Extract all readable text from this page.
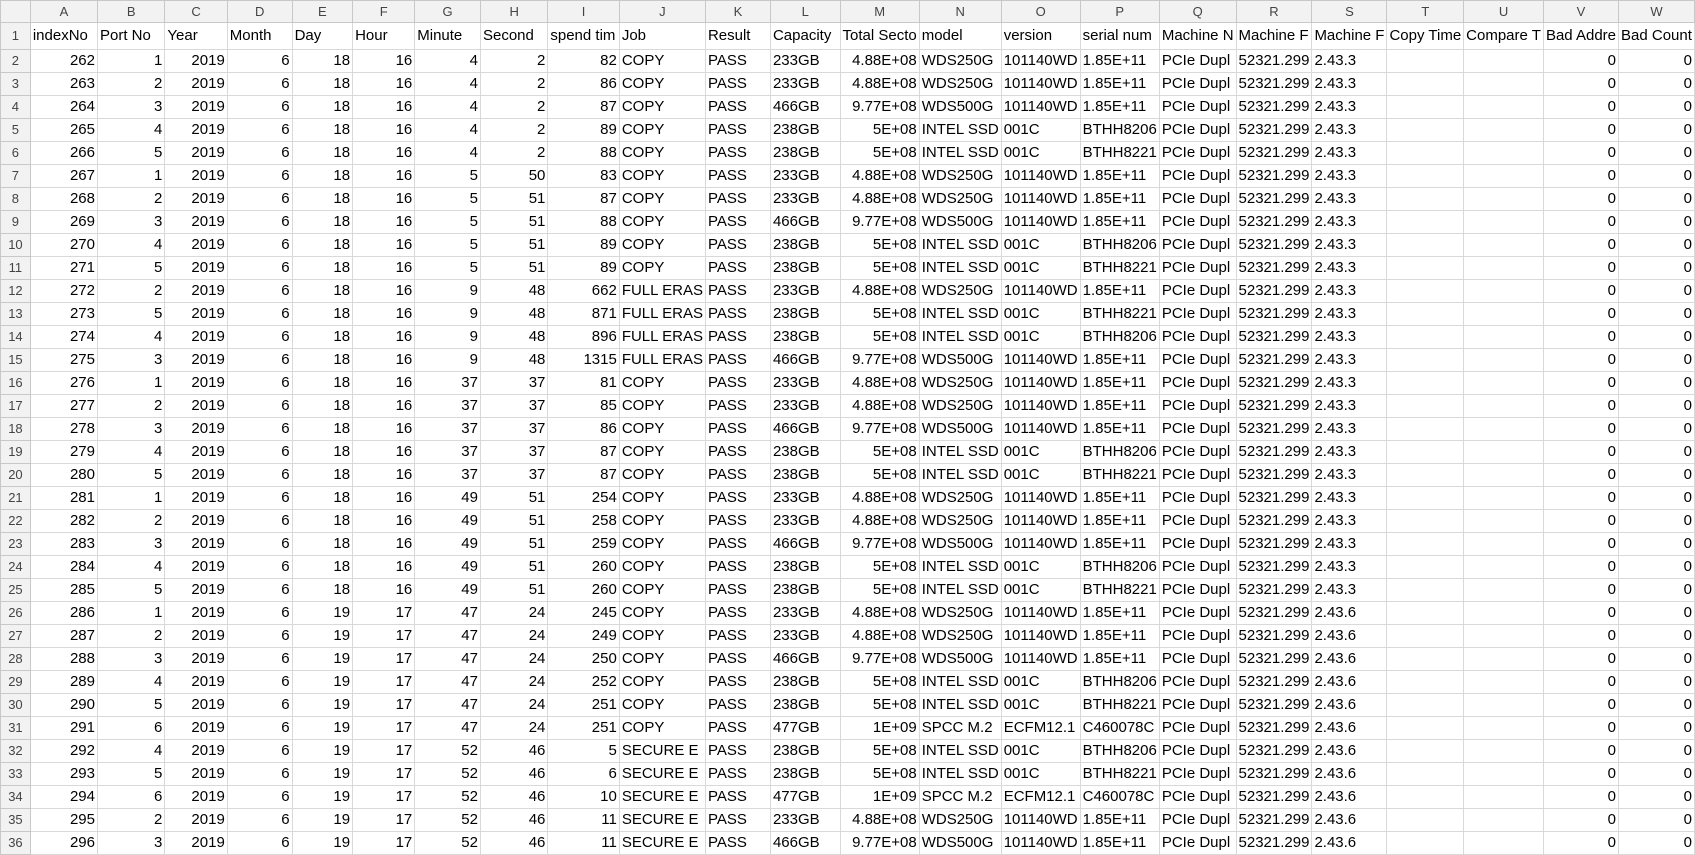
	A	B	C	D	E	F	G	H	I	J	K	L	M	N	O	P	Q	R	S	T	U	V	W
1	indexNo	Port No	Year	Month	Day	Hour	Minute	Second	spend tim	Job	Result	Capacity	Total Secto	model	version	serial num	Machine N	Machine F	Machine F	Copy Time	Compare T	Bad Addre	Bad Count
2	262	1	2019	6	18	16	4	2	82	COPY	PASS	233GB	4.88E+08	WDS250G	101140WD	1.85E+11	PCIe Dupl	52321.299	2.43.3			0	0
3	263	2	2019	6	18	16	4	2	86	COPY	PASS	233GB	4.88E+08	WDS250G	101140WD	1.85E+11	PCIe Dupl	52321.299	2.43.3			0	0
4	264	3	2019	6	18	16	4	2	87	COPY	PASS	466GB	9.77E+08	WDS500G	101140WD	1.85E+11	PCIe Dupl	52321.299	2.43.3			0	0
5	265	4	2019	6	18	16	4	2	89	COPY	PASS	238GB	5E+08	INTEL SSD	001C	BTHH8206	PCIe Dupl	52321.299	2.43.3			0	0
6	266	5	2019	6	18	16	4	2	88	COPY	PASS	238GB	5E+08	INTEL SSD	001C	BTHH8221	PCIe Dupl	52321.299	2.43.3			0	0
7	267	1	2019	6	18	16	5	50	83	COPY	PASS	233GB	4.88E+08	WDS250G	101140WD	1.85E+11	PCIe Dupl	52321.299	2.43.3			0	0
8	268	2	2019	6	18	16	5	51	87	COPY	PASS	233GB	4.88E+08	WDS250G	101140WD	1.85E+11	PCIe Dupl	52321.299	2.43.3			0	0
9	269	3	2019	6	18	16	5	51	88	COPY	PASS	466GB	9.77E+08	WDS500G	101140WD	1.85E+11	PCIe Dupl	52321.299	2.43.3			0	0
10	270	4	2019	6	18	16	5	51	89	COPY	PASS	238GB	5E+08	INTEL SSD	001C	BTHH8206	PCIe Dupl	52321.299	2.43.3			0	0
11	271	5	2019	6	18	16	5	51	89	COPY	PASS	238GB	5E+08	INTEL SSD	001C	BTHH8221	PCIe Dupl	52321.299	2.43.3			0	0
12	272	2	2019	6	18	16	9	48	662	FULL ERAS	PASS	233GB	4.88E+08	WDS250G	101140WD	1.85E+11	PCIe Dupl	52321.299	2.43.3			0	0
13	273	5	2019	6	18	16	9	48	871	FULL ERAS	PASS	238GB	5E+08	INTEL SSD	001C	BTHH8221	PCIe Dupl	52321.299	2.43.3			0	0
14	274	4	2019	6	18	16	9	48	896	FULL ERAS	PASS	238GB	5E+08	INTEL SSD	001C	BTHH8206	PCIe Dupl	52321.299	2.43.3			0	0
15	275	3	2019	6	18	16	9	48	1315	FULL ERAS	PASS	466GB	9.77E+08	WDS500G	101140WD	1.85E+11	PCIe Dupl	52321.299	2.43.3			0	0
16	276	1	2019	6	18	16	37	37	81	COPY	PASS	233GB	4.88E+08	WDS250G	101140WD	1.85E+11	PCIe Dupl	52321.299	2.43.3			0	0
17	277	2	2019	6	18	16	37	37	85	COPY	PASS	233GB	4.88E+08	WDS250G	101140WD	1.85E+11	PCIe Dupl	52321.299	2.43.3			0	0
18	278	3	2019	6	18	16	37	37	86	COPY	PASS	466GB	9.77E+08	WDS500G	101140WD	1.85E+11	PCIe Dupl	52321.299	2.43.3			0	0
19	279	4	2019	6	18	16	37	37	87	COPY	PASS	238GB	5E+08	INTEL SSD	001C	BTHH8206	PCIe Dupl	52321.299	2.43.3			0	0
20	280	5	2019	6	18	16	37	37	87	COPY	PASS	238GB	5E+08	INTEL SSD	001C	BTHH8221	PCIe Dupl	52321.299	2.43.3			0	0
21	281	1	2019	6	18	16	49	51	254	COPY	PASS	233GB	4.88E+08	WDS250G	101140WD	1.85E+11	PCIe Dupl	52321.299	2.43.3			0	0
22	282	2	2019	6	18	16	49	51	258	COPY	PASS	233GB	4.88E+08	WDS250G	101140WD	1.85E+11	PCIe Dupl	52321.299	2.43.3			0	0
23	283	3	2019	6	18	16	49	51	259	COPY	PASS	466GB	9.77E+08	WDS500G	101140WD	1.85E+11	PCIe Dupl	52321.299	2.43.3			0	0
24	284	4	2019	6	18	16	49	51	260	COPY	PASS	238GB	5E+08	INTEL SSD	001C	BTHH8206	PCIe Dupl	52321.299	2.43.3			0	0
25	285	5	2019	6	18	16	49	51	260	COPY	PASS	238GB	5E+08	INTEL SSD	001C	BTHH8221	PCIe Dupl	52321.299	2.43.3			0	0
26	286	1	2019	6	19	17	47	24	245	COPY	PASS	233GB	4.88E+08	WDS250G	101140WD	1.85E+11	PCIe Dupl	52321.299	2.43.6			0	0
27	287	2	2019	6	19	17	47	24	249	COPY	PASS	233GB	4.88E+08	WDS250G	101140WD	1.85E+11	PCIe Dupl	52321.299	2.43.6			0	0
28	288	3	2019	6	19	17	47	24	250	COPY	PASS	466GB	9.77E+08	WDS500G	101140WD	1.85E+11	PCIe Dupl	52321.299	2.43.6			0	0
29	289	4	2019	6	19	17	47	24	252	COPY	PASS	238GB	5E+08	INTEL SSD	001C	BTHH8206	PCIe Dupl	52321.299	2.43.6			0	0
30	290	5	2019	6	19	17	47	24	251	COPY	PASS	238GB	5E+08	INTEL SSD	001C	BTHH8221	PCIe Dupl	52321.299	2.43.6			0	0
31	291	6	2019	6	19	17	47	24	251	COPY	PASS	477GB	1E+09	SPCC M.2	ECFM12.1	C460078C	PCIe Dupl	52321.299	2.43.6			0	0
32	292	4	2019	6	19	17	52	46	5	SECURE E	PASS	238GB	5E+08	INTEL SSD	001C	BTHH8206	PCIe Dupl	52321.299	2.43.6			0	0
33	293	5	2019	6	19	17	52	46	6	SECURE E	PASS	238GB	5E+08	INTEL SSD	001C	BTHH8221	PCIe Dupl	52321.299	2.43.6			0	0
34	294	6	2019	6	19	17	52	46	10	SECURE E	PASS	477GB	1E+09	SPCC M.2	ECFM12.1	C460078C	PCIe Dupl	52321.299	2.43.6			0	0
35	295	2	2019	6	19	17	52	46	11	SECURE E	PASS	233GB	4.88E+08	WDS250G	101140WD	1.85E+11	PCIe Dupl	52321.299	2.43.6			0	0
36	296	3	2019	6	19	17	52	46	11	SECURE E	PASS	466GB	9.77E+08	WDS500G	101140WD	1.85E+11	PCIe Dupl	52321.299	2.43.6			0	0
